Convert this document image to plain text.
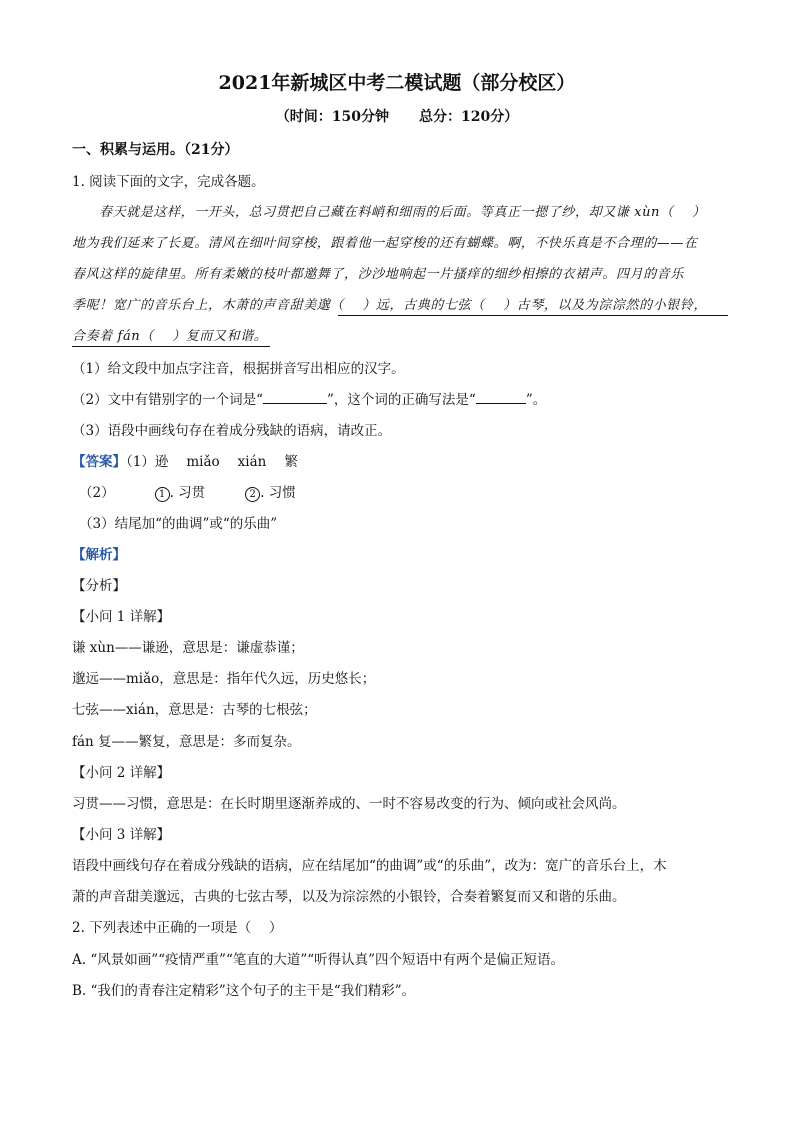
2021年新城区中考二模试题（部分校区）
（时间：150分钟 总分：120分）
一、积累与运用。（21分）
1. 阅读下面的文字，完成各题。
春天就是这样，一开头，总习贯把自己藏在料峭和细雨的后面。等真正一摁了纱，却又谦 xùn（　 ）
地为我们延来了长夏。清风在细叶间穿梭，跟着他一起穿梭的还有蝴蝶。啊，不快乐真是不合理的——在
春风这样的旋律里。所有柔嫩的枝叶都邀舞了，沙沙地响起一片搔痒的细纱相擦的衣裙声。四月的音乐
季呢！宽广的音乐台上，木萧的声音甜美邈（　 ）远，古典的七弦（　 ）古琴，以及为淙淙然的小银铃，
合奏着 fán（　 ）复而又和谐。
（1）给文段中加点字注音，根据拼音写出相应的汉字。
（2）文中有错别字的一个词是“	”，这个词的正确写法是“	”。
（3）语段中画线句存在着成分残缺的语病，请改正。
【答案】（1）逊 miǎo xián 繁
（2）	1 . 习贯	2 . 习惯
（3）结尾加“的曲调”或“的乐曲”
【解析】
【分析】
【小问 1 详解】
谦 xùn——谦逊，意思是：谦虚恭谨；
邈远——miǎo，意思是：指年代久远，历史悠长；
七弦——xián，意思是：古琴的七根弦；
fán 复——繁复，意思是：多而复杂。
【小问 2 详解】
习贯——习惯，意思是：在长时期里逐渐养成的、一时不容易改变的行为、倾向或社会风尚。
【小问 3 详解】
语段中画线句存在着成分残缺的语病，应在结尾加“的曲调”或“的乐曲”，改为：宽广的音乐台上，木
萧的声音甜美邈远，古典的七弦古琴，以及为淙淙然的小银铃，合奏着繁复而又和谐的乐曲。
2. 下列表述中正确的一项是（　 ）
A. “风景如画”“疫情严重”“笔直的大道”“听得认真”四个短语中有两个是偏正短语。
B. “我们的青春注定精彩”这个句子的主干是“我们精彩”。
